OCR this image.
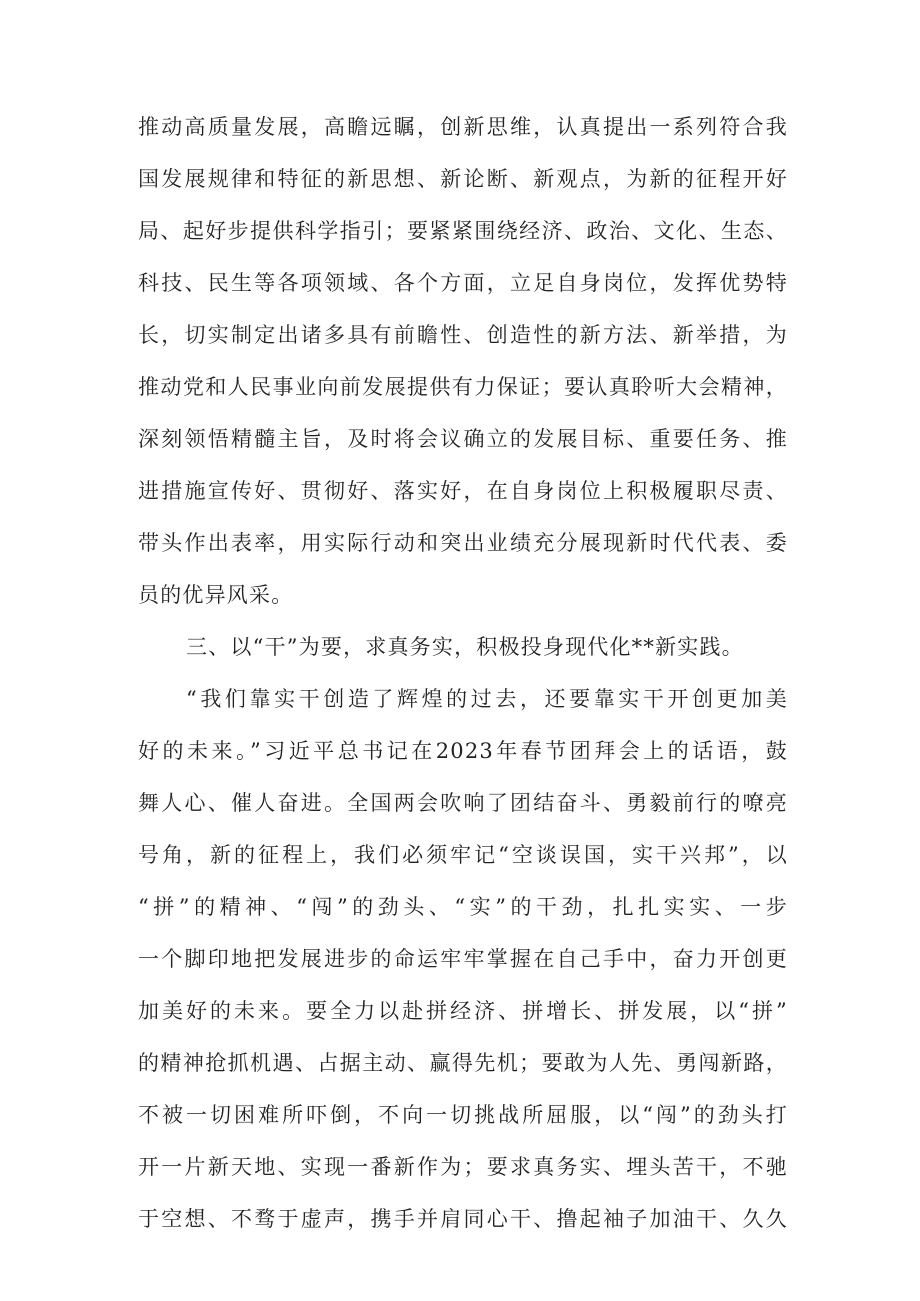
推动高质量发展，高瞻远瞩，创新思维，认真提出一系列符合我
国发展规律和特征的新思想、新论断、新观点，为新的征程开好
局、起好步提供科学指引；要紧紧围绕经济、政治、文化、生态、
科技、民生等各项领域、各个方面，立足自身岗位，发挥优势特
长，切实制定出诸多具有前瞻性、创造性的新方法、新举措，为
推动党和人民事业向前发展提供有力保证；要认真聆听大会精神，
深刻领悟精髓主旨，及时将会议确立的发展目标、重要任务、推
进措施宣传好、贯彻好、落实好，在自身岗位上积极履职尽责、
带头作出表率，用实际行动和突出业绩充分展现新时代代表、委
员的优异风采。
三、以“干”为要，求真务实，积极投身现代化**新实践。
“我们靠实干创造了辉煌的过去，还要靠实干开创更加美
好的未来。”习近平总书记在2023年春节团拜会上的话语，鼓
舞人心、催人奋进。全国两会吹响了团结奋斗、勇毅前行的嘹亮
号角，新的征程上，我们必须牢记“空谈误国，实干兴邦”，以
“拼”的精神、“闯”的劲头、“实”的干劲，扎扎实实、一步
一个脚印地把发展进步的命运牢牢掌握在自己手中，奋力开创更
加美好的未来。要全力以赴拼经济、拼增长、拼发展，以“拼”
的精神抢抓机遇、占据主动、赢得先机；要敢为人先、勇闯新路，
不被一切困难所吓倒，不向一切挑战所屈服，以“闯”的劲头打
开一片新天地、实现一番新作为；要求真务实、埋头苦干，不驰
于空想、不骛于虚声，携手并肩同心干、撸起袖子加油干、久久
